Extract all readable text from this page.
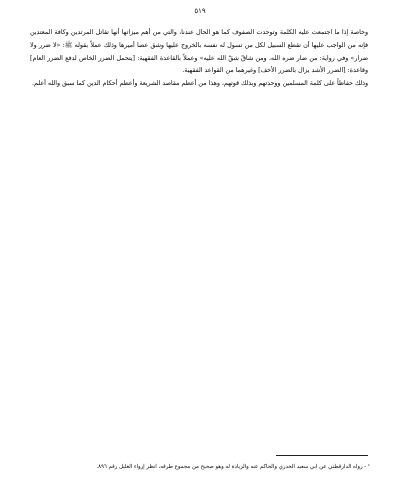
٥١٩

وخاصة إذا ما اجتمعت عليه الكلمة وتوحدت الصفوف كما هو الحال عندنا، والتي من أهم ميزاتها أنها تقاتل المرتدين وكافة المعتدين فإنه من الواجب عليها أن تقطع السبيل لكل من تسول له نفسه بالخروج عليها وشق عصا أميرها وذلك عملاً بقوله ﷺ: «لا ضرر ولا ضرار» وفي رواية: من ضار ضره الله، ومن شاقّ شقّ الله عليه» وعملاً بالقاعدة الفقهية: [يتحمل الضرر الخاص لدفع الضرر العام] وقاعدة: [الضرر الأشد يزال بالضرر الأخف] وغيرهما من القواعد الفقهية.

وذلك حفاظاً على كلمة المسلمين ووحدتهم وبذلك قوتهم، وهذا من أعظم مقاصد الشريعة وأعظم أحكام الدين كما سبق والله أعلم.

¹ - رواه الدارقطني عن ابي سعيد الخدري والحاكم عنه والزيادة له وهو صحيح من مجموع طرقه، انظر إرواء الغليل رقم ٨٩٦.
